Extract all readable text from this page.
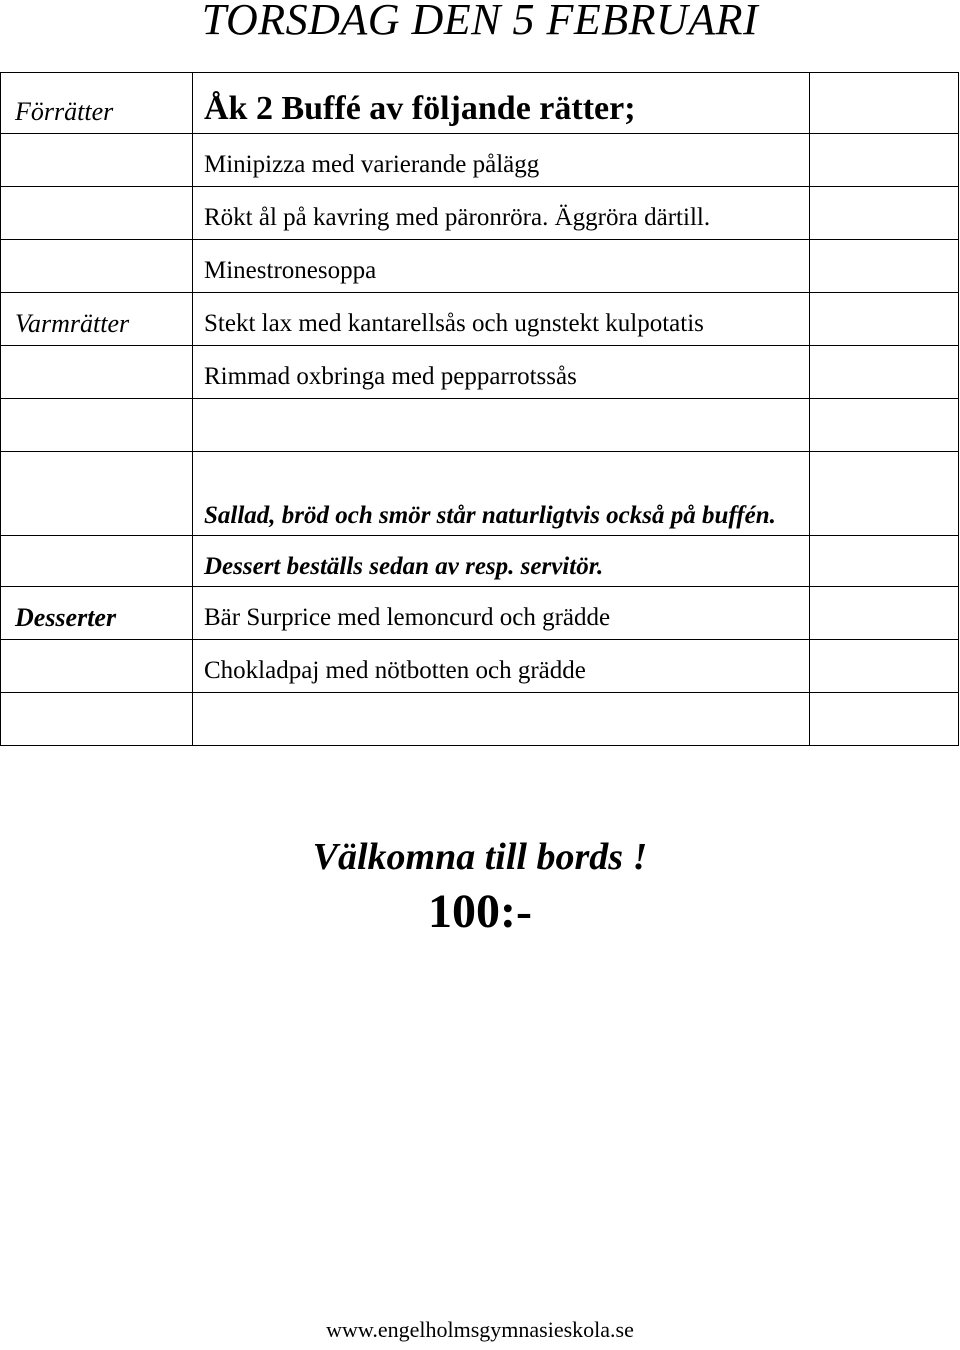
TORSDAG DEN 5 FEBRUARI
Förrätter	Åk 2 Buffé av följande rätter;	

	Minipizza med varierande pålägg	

	Rökt ål på kavring med päronröra. Äggröra därtill.	

	Minestronesoppa	

Varmrätter	Stekt lax med kantarellsås och ugnstekt kulpotatis	

	Rimmad oxbringa med pepparrotssås	

	Sallad, bröd och smör står naturligtvis också på buffén.	

	Dessert beställs sedan av resp. servitör.	

Desserter	Bär Surprice med lemoncurd och grädde	

	Chokladpaj med nötbotten och grädde	

Välkomna till bords !
100:-
www.engelholmsgymnasieskola.se
